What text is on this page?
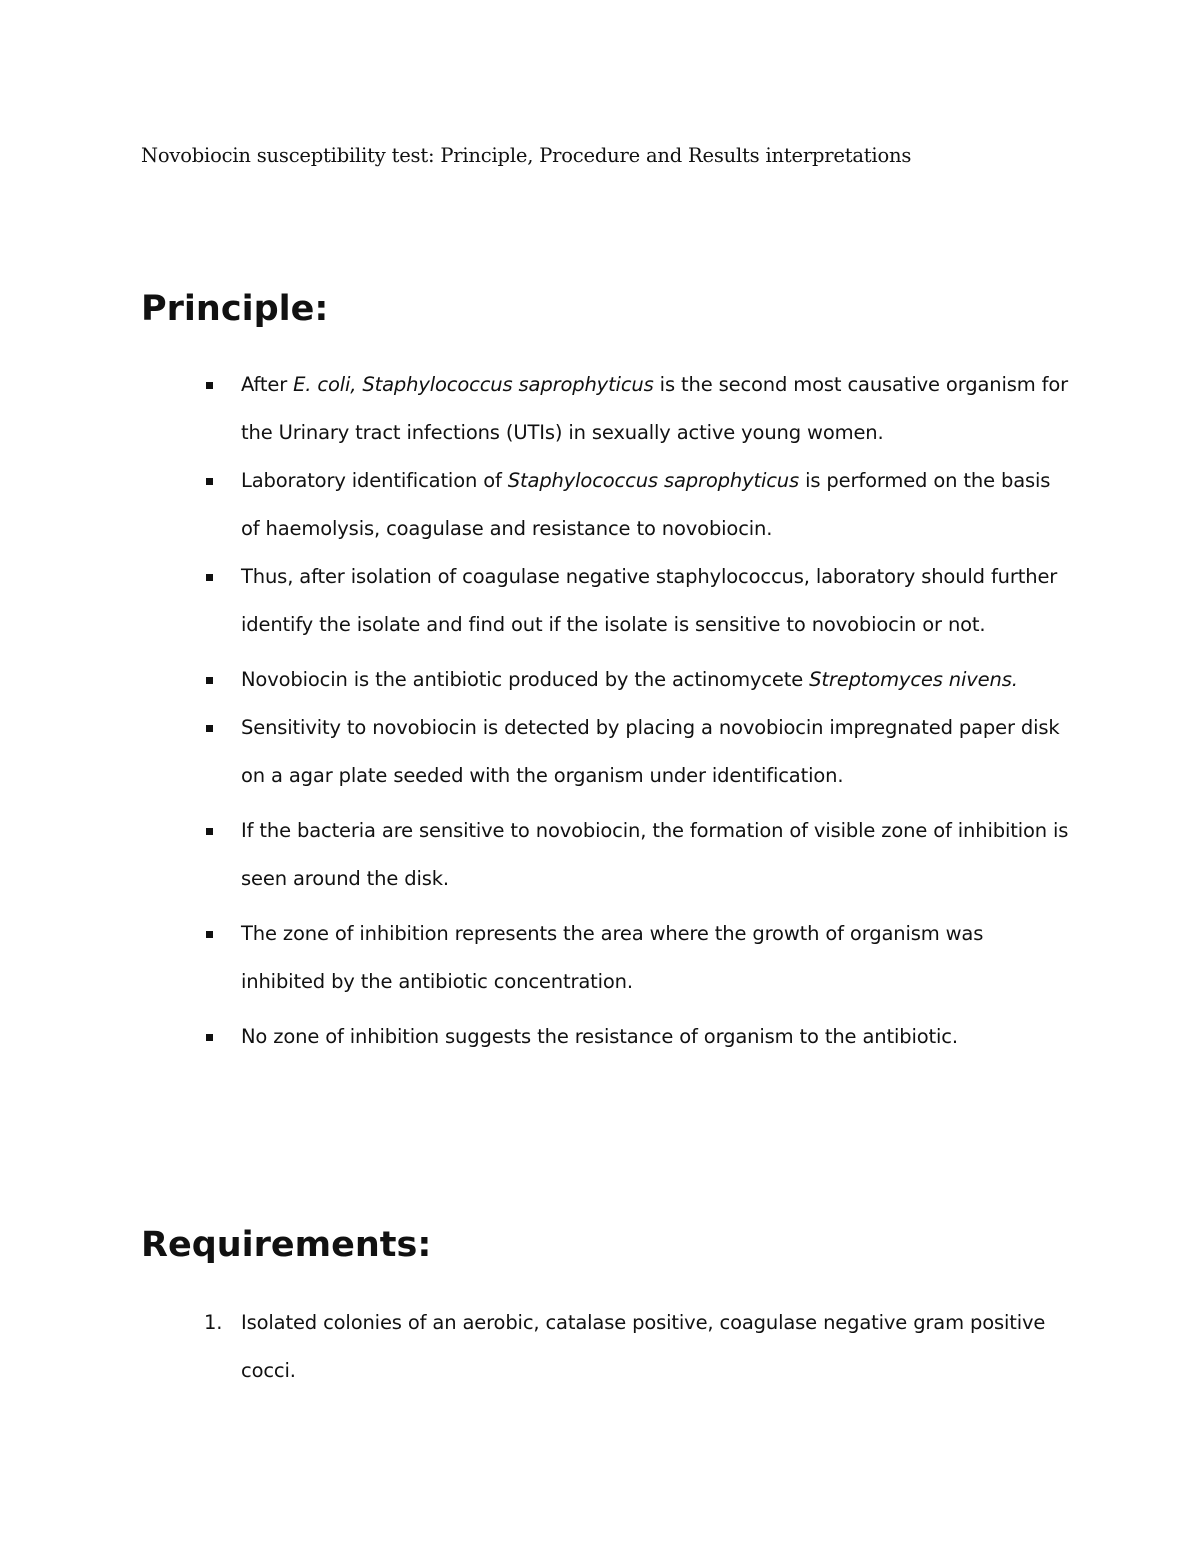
Novobiocin susceptibility test: Principle, Procedure and Results interpretations
Principle:
After E. coli, Staphylococcus saprophyticus is the second most causative organism for the Urinary tract infections (UTIs) in sexually active young women.
Laboratory identification of Staphylococcus saprophyticus is performed on the basis of haemolysis, coagulase and resistance to novobiocin.
Thus, after isolation of coagulase negative staphylococcus, laboratory should further identify the isolate and find out if the isolate is sensitive to novobiocin or not.
Novobiocin is the antibiotic produced by the actinomycete Streptomyces nivens.
Sensitivity to novobiocin is detected by placing a novobiocin impregnated paper disk on a agar plate seeded with the organism under identification.
If the bacteria are sensitive to novobiocin, the formation of visible zone of inhibition is seen around the disk.
The zone of inhibition represents the area where the growth of organism was inhibited by the antibiotic concentration.
No zone of inhibition suggests the resistance of organism to the antibiotic.
Requirements:
1. Isolated colonies of an aerobic, catalase positive, coagulase negative gram positive cocci.
